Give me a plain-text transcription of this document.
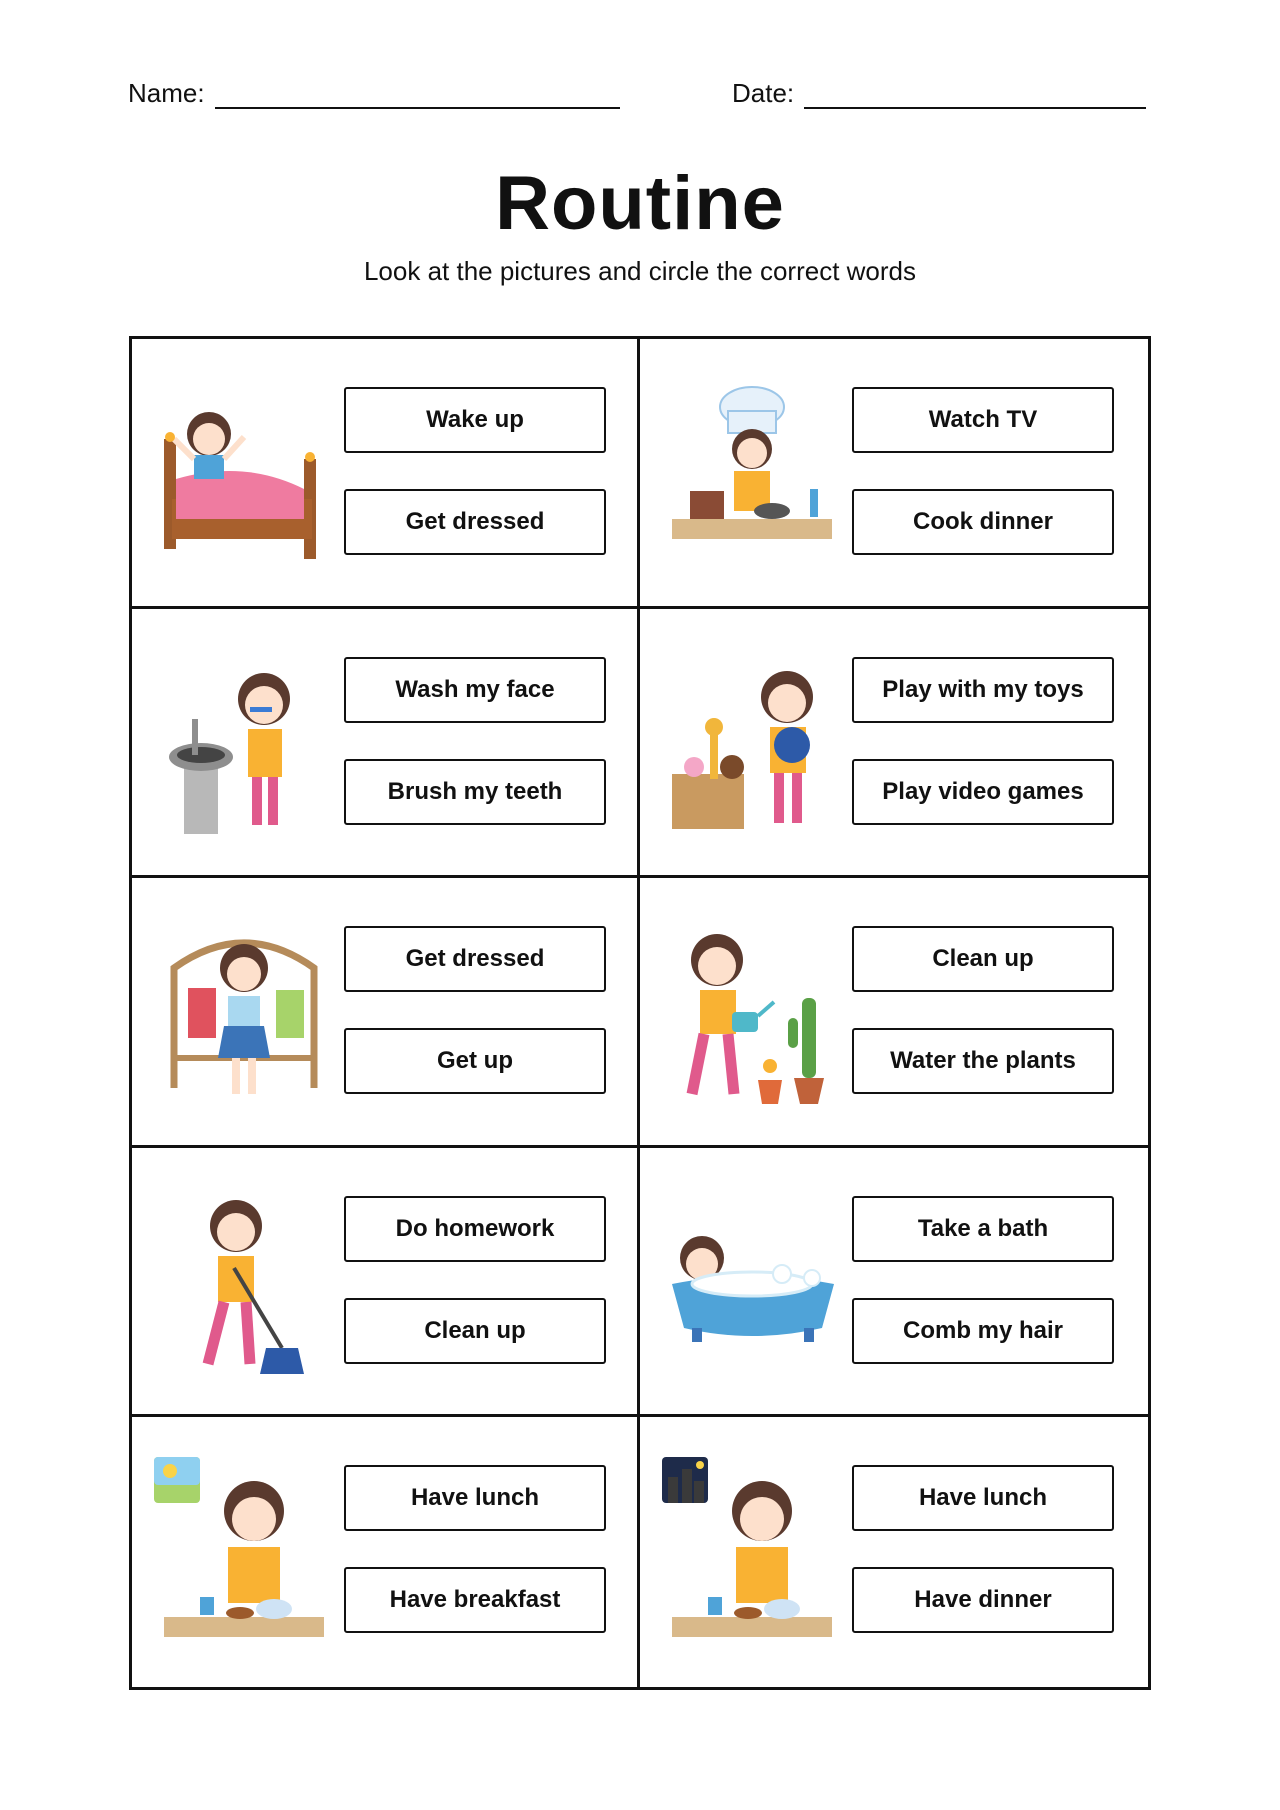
Name:	Date:
Routine
Look at the pictures and circle the correct words
Wake up
Get dressed
Watch TV
Cook dinner
Wash my face
Brush my teeth
Play with my toys
Play video games
Get dressed
Get up
Clean up
Water the plants
Do homework
Clean up
Take a bath
Comb my hair
Have lunch
Have breakfast
Have lunch
Have dinner
